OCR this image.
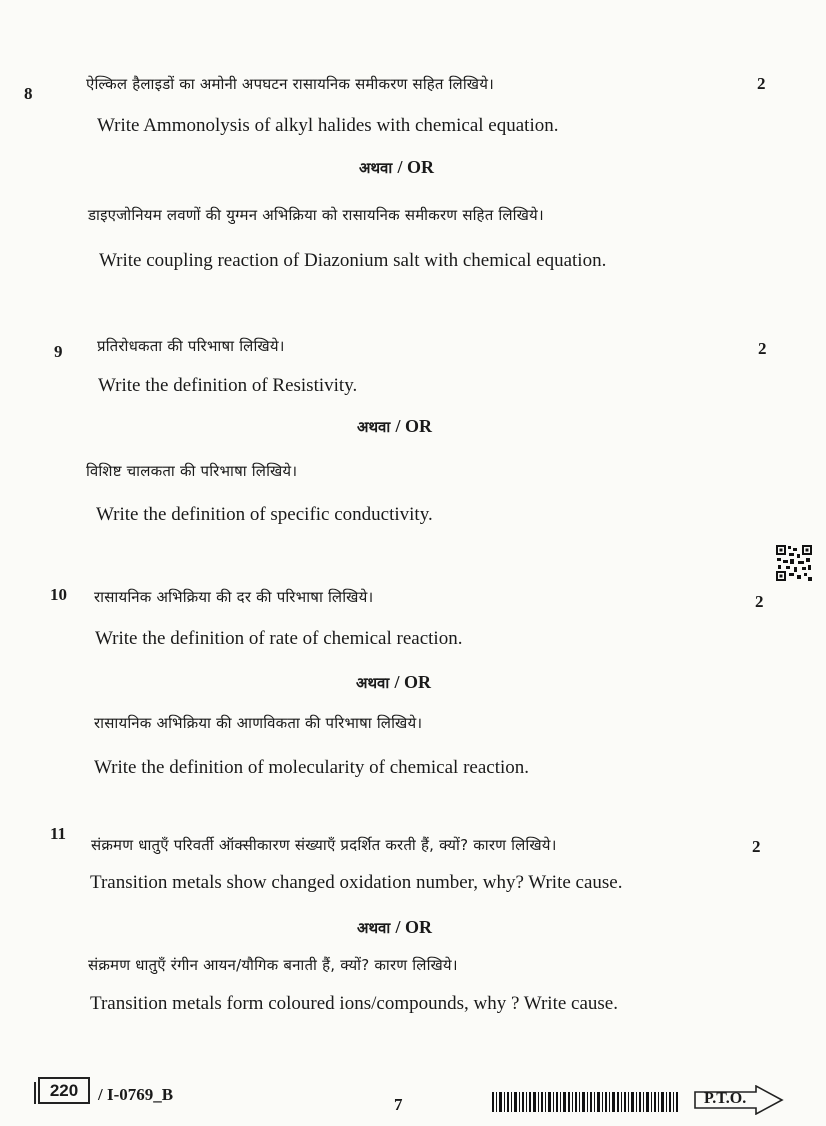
8	ऐल्किल हैलाइडों का अमोनी अपघटन रासायनिक समीकरण सहित लिखिये।	2
Write Ammonolysis of alkyl halides with chemical equation.
अथवा / OR
डाइएजोनियम लवणों की युग्मन अभिक्रिया को रासायनिक समीकरण सहित लिखिये।
Write coupling reaction of Diazonium salt with chemical equation.
9 प्रतिरोधकता की परिभाषा लिखिये।	2
Write the definition of Resistivity.
अथवा / OR
विशिष्ट चालकता की परिभाषा लिखिये।
Write the definition of specific conductivity.
10 रासायनिक अभिक्रिया की दर की परिभाषा लिखिये।	2
Write the definition of rate of chemical reaction.
अथवा / OR
रासायनिक अभिक्रिया की आणविकता की परिभाषा लिखिये।
Write the definition of molecularity of chemical reaction.
11
संक्रमण धातुएँ परिवर्ती ऑक्सीकारण संख्याएँ प्रदर्शित करती हैं, क्यों? कारण लिखिये।	2
Transition metals show changed oxidation number, why? Write cause.
अथवा / OR
संक्रमण धातुएँ रंगीन आयन/यौगिक बनाती हैं, क्यों? कारण लिखिये।
Transition metals form coloured ions/compounds, why ? Write cause.
220	/ I-0769_B
7	P.T.O.
